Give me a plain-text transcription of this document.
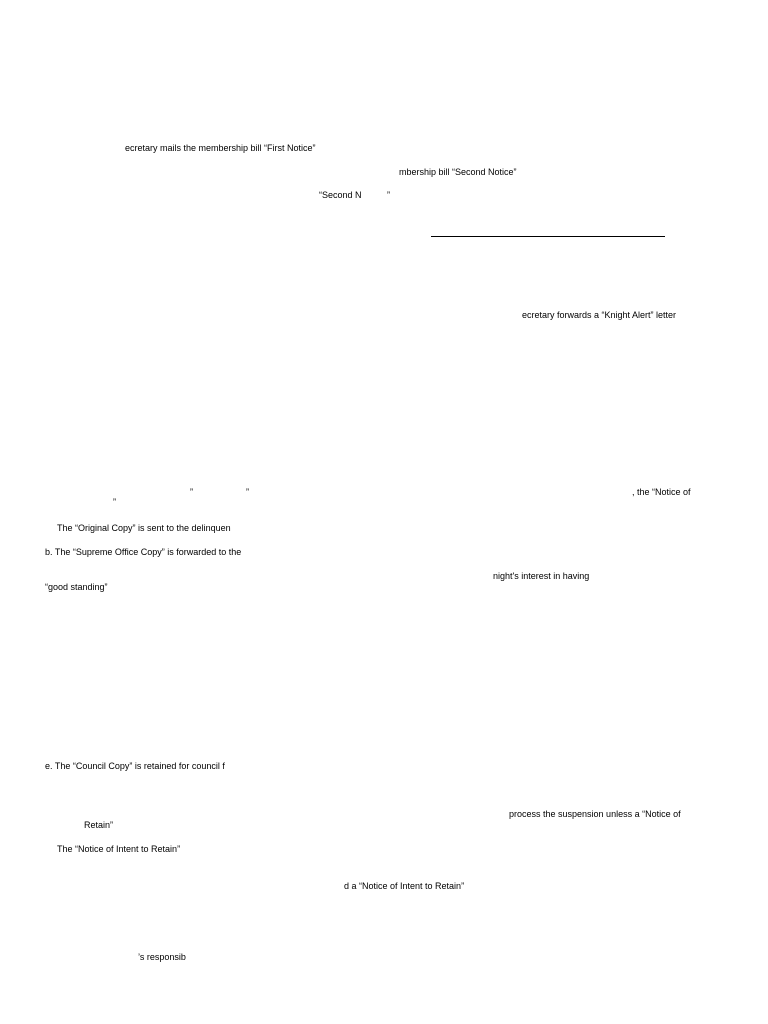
ecretary mails the membership bill “First Notice”
mbership bill “Second Notice”
“Second N	”
ecretary forwards a “Knight Alert” letter
”	”	, the “Notice of
”
The “Original Copy” is sent to the delinquen
b. The “Supreme Office Copy” is forwarded to the
night's interest in having
“good standing”
e. The “Council Copy” is retained for council f
process the suspension unless a “Notice of
Retain”
The “Notice of Intent to Retain”
d a “Notice of Intent to Retain”
’s responsib
